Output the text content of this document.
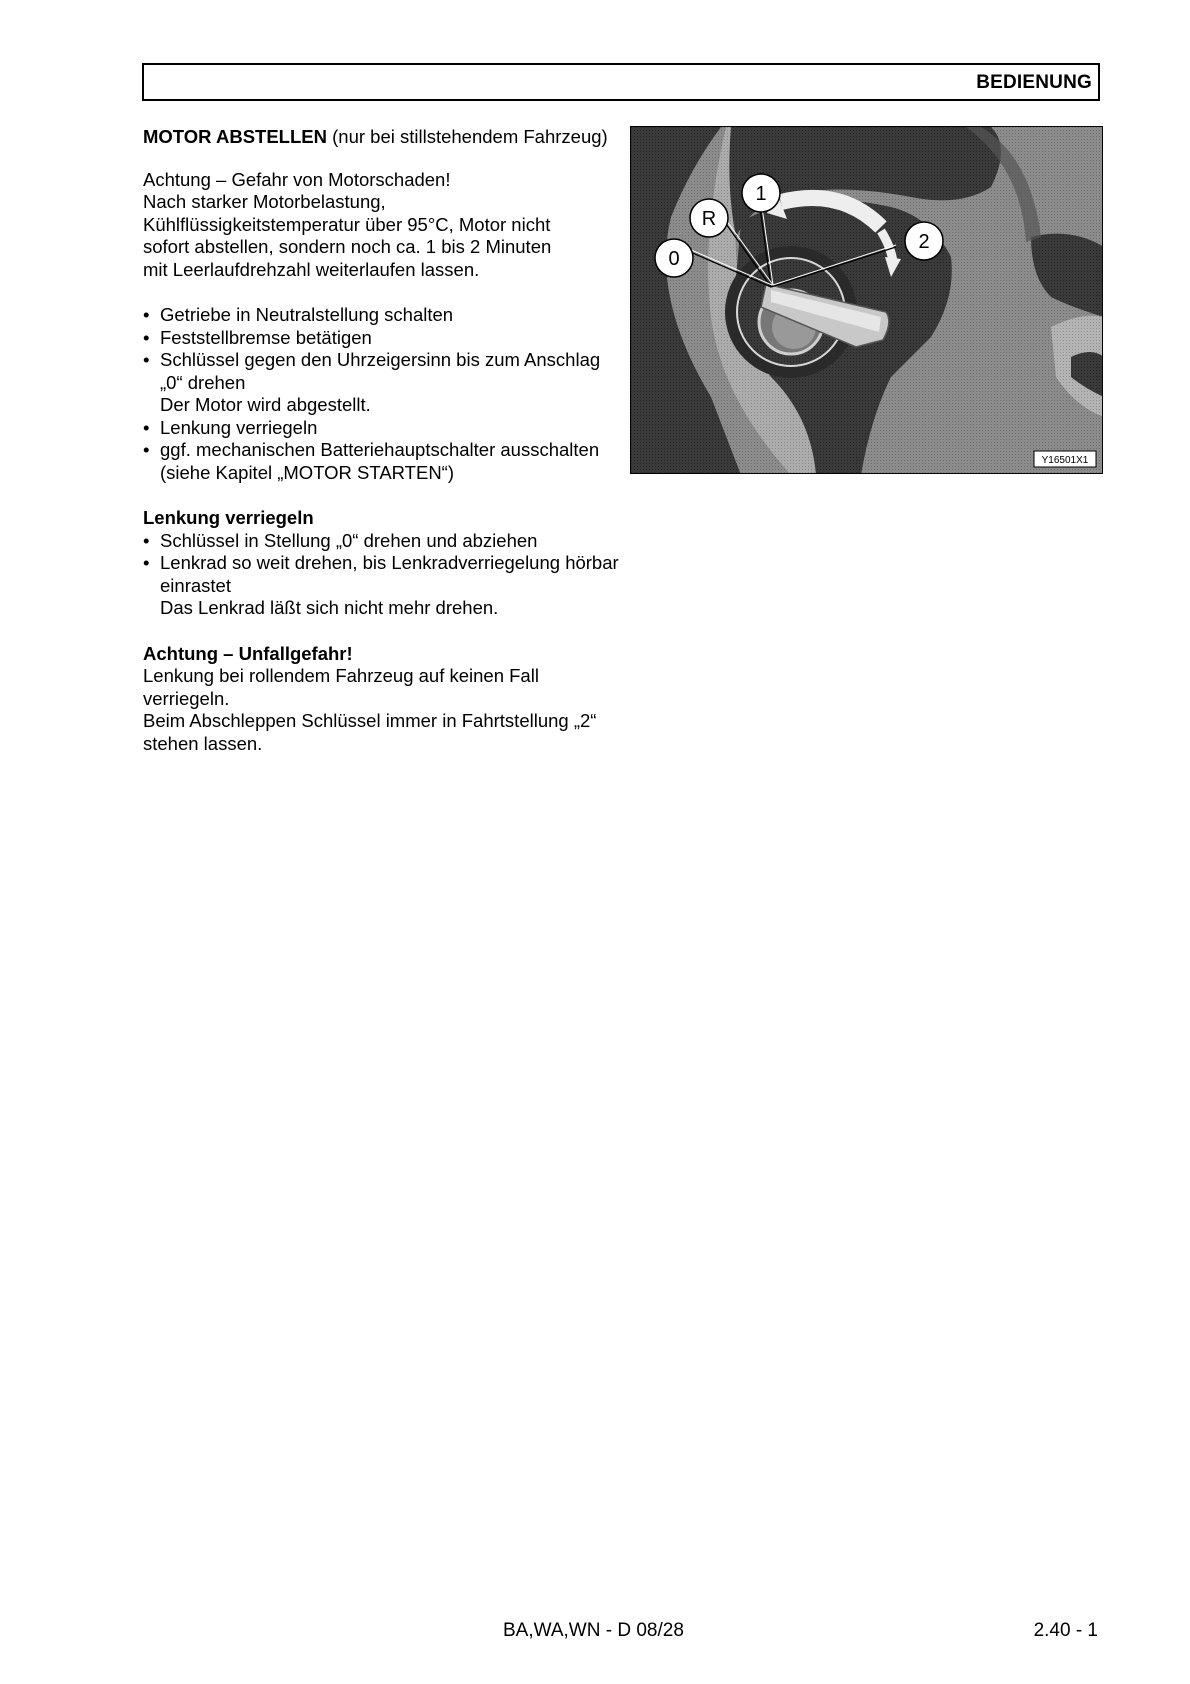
BEDIENUNG

MOTOR ABSTELLEN (nur bei stillstehendem Fahrzeug)

Achtung – Gefahr von Motorschaden!
Nach starker Motorbelastung,
Kühlflüssigkeitstemperatur über 95°C, Motor nicht
sofort abstellen, sondern noch ca. 1 bis 2 Minuten
mit Leerlaufdrehzahl weiterlaufen lassen.

• Getriebe in Neutralstellung schalten
• Feststellbremse betätigen
• Schlüssel gegen den Uhrzeigersinn bis zum Anschlag „0“ drehen
Der Motor wird abgestellt.
• Lenkung verriegeln
• ggf. mechanischen Batteriehauptschalter ausschalten (siehe Kapitel „MOTOR STARTEN“)

Lenkung verriegeln

• Schlüssel in Stellung „0“ drehen und abziehen
• Lenkrad so weit drehen, bis Lenkradverriegelung hörbar einrastet
Das Lenkrad läßt sich nicht mehr drehen.

Achtung – Unfallgefahr!

Lenkung bei rollendem Fahrzeug auf keinen Fall verriegeln.
Beim Abschleppen Schlüssel immer in Fahrtstellung „2“ stehen lassen.

0
R
1
2
Y16501X1
BA,WA,WN - D 08/28	2.40 - 1
